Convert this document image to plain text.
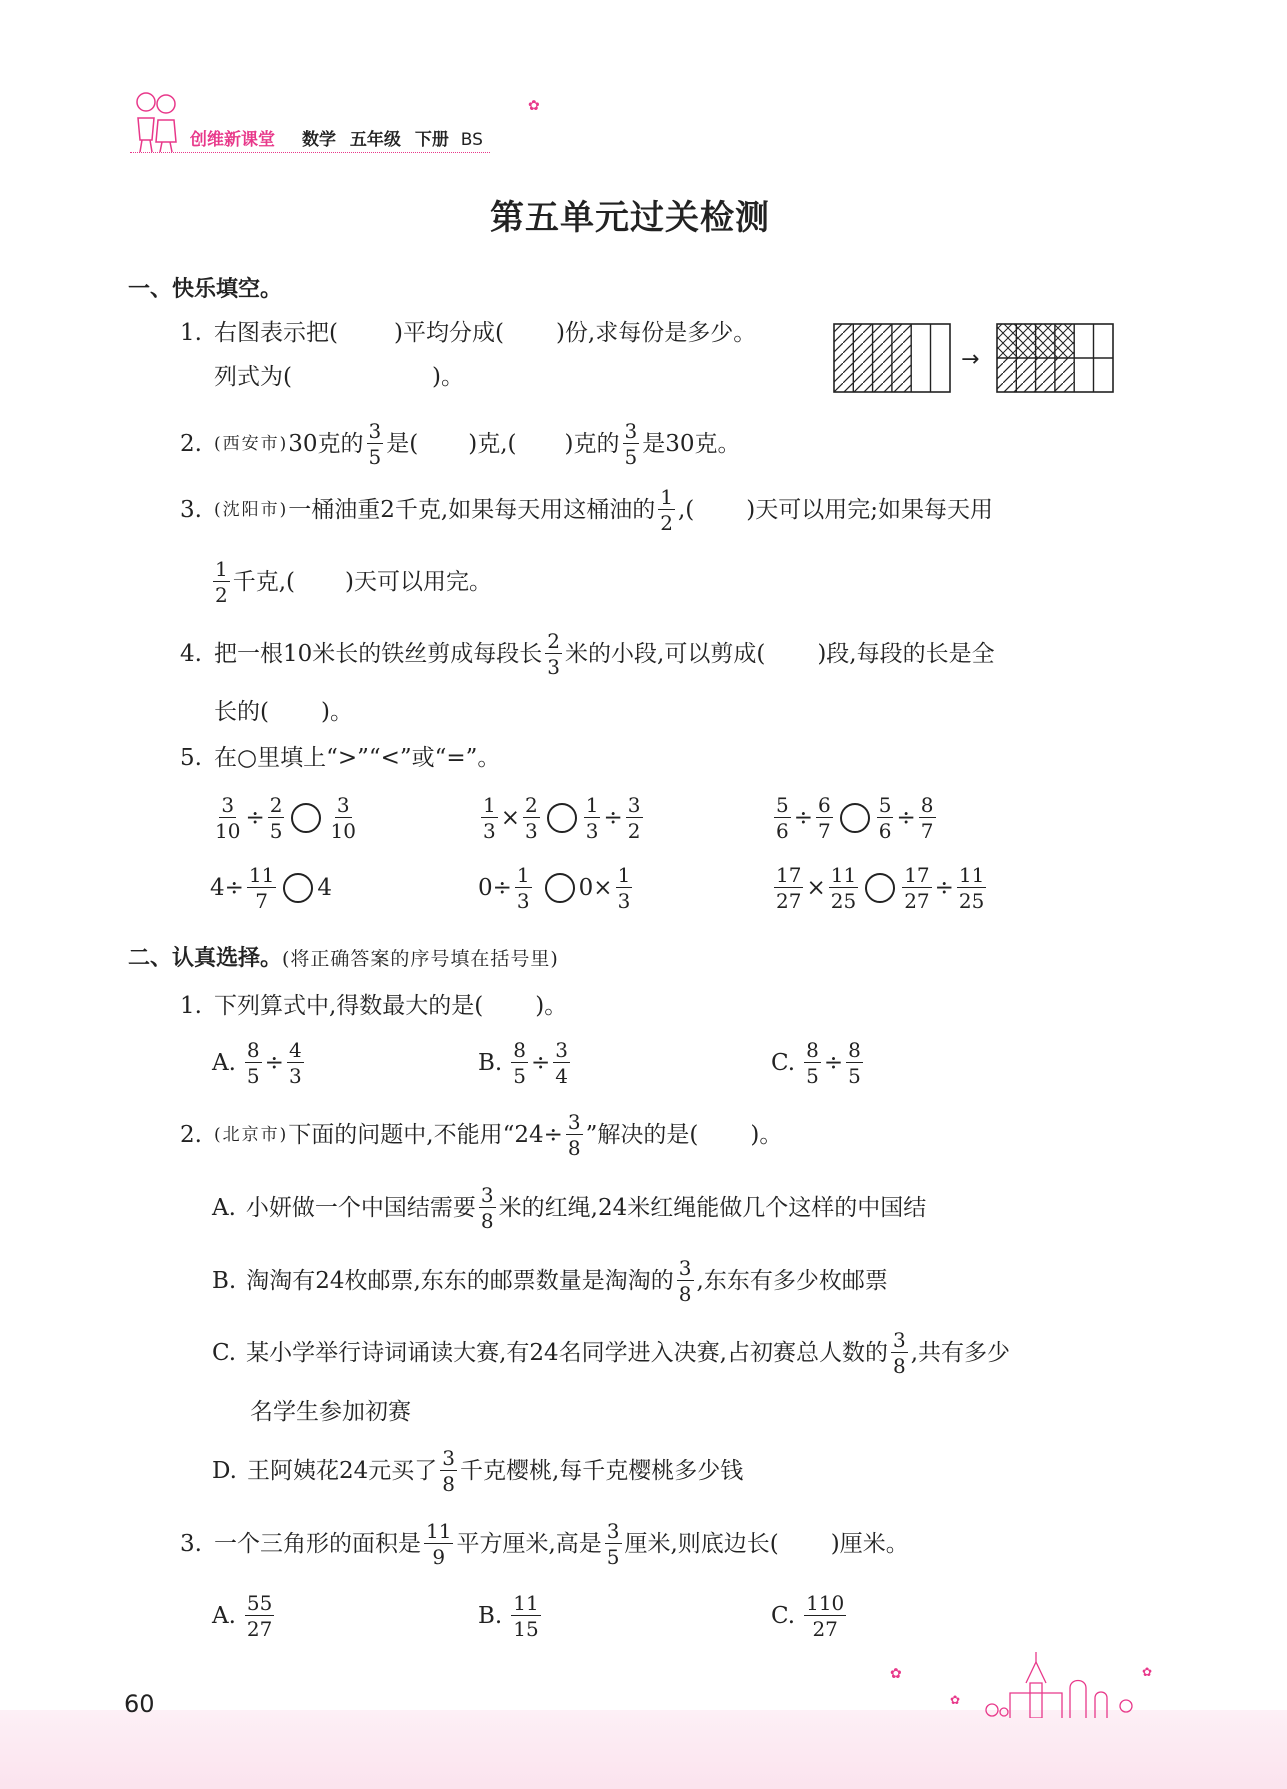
创维新课堂 数学 五年级 下册 BS
✿
第五单元过关检测
一、快乐填空。
1. 右图表示把( )平均分成( )份,求每份是多少。
列式为(	)。
→
2. (西安市) 30克的 $\frac{3}{5}$ 是( )克,( )克的 $\frac{3}{5}$ 是30克。
3. (沈阳市) 一桶油重2千克,如果每天用这桶油的 $\frac{1}{2}$ ,( )天可以用完;如果每天用
$\frac{1}{2}$ 千克,( )天可以用完。
4. 把一根10米长的铁丝剪成每段长 $\frac{2}{3}$ 米的小段,可以剪成( )段,每段的长是全
长的( )。
5. 在○里填上“>”“<”或“=”。
$\frac{3}{10} \div \frac{2}{5} \frac{3}{10}$	$\frac{1}{3} \times \frac{2}{3} \frac{1}{3} \div \frac{3}{2}$	$\frac{5}{6} \div \frac{6}{7} \frac{5}{6} \div \frac{8}{7}$
$4 \div \frac{11}{7} 4$	$0 \div \frac{1}{3} 0 \times \frac{1}{3}$	$\frac{17}{27} \times \frac{11}{25} \frac{17}{27} \div \frac{11}{25}$
二、认真选择。 (将正确答案的序号填在括号里)
1. 下列算式中,得数最大的是( )。
A. $\frac{8}{5} \div \frac{4}{3}$	B. $\frac{8}{5} \div \frac{3}{4}$	C. $\frac{8}{5} \div \frac{8}{5}$
2. (北京市) 下面的问题中,不能用“$24\div \frac{3}{8}$ ”解决的是( )。
A. 小妍做一个中国结需要 $\frac{3}{8}$ 米的红绳,24米红绳能做几个这样的中国结
B. 淘淘有24枚邮票,东东的邮票数量是淘淘的 $\frac{3}{8}$ ,东东有多少枚邮票
C. 某小学举行诗词诵读大赛,有24名同学进入决赛,占初赛总人数的 $\frac{3}{8}$ ,共有多少
名学生参加初赛
D. 王阿姨花24元买了 $\frac{3}{8}$ 千克樱桃,每千克樱桃多少钱
3. 一个三角形的面积是 $\frac{11}{9}$ 平方厘米,高是 $\frac{3}{5}$ 厘米,则底边长( )厘米。
A. $\frac{55}{27}$	B. $\frac{11}{15}$	C. $\frac{110}{27}$
60
✿
✿
✿
